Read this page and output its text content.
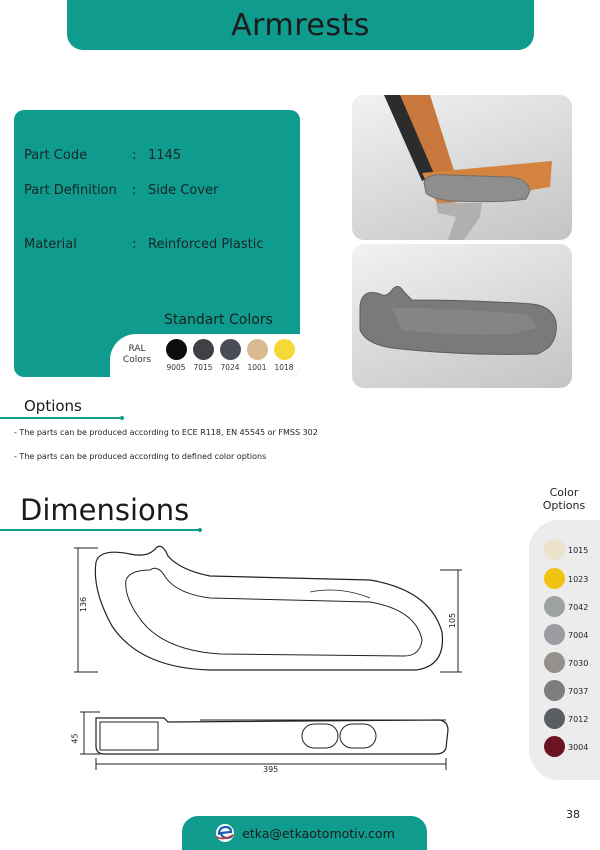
Armrests
Part Code	: 1145
Part Definition	: Side Cover
Material	: Reinforced Plastic
Standart Colors
RAL
Colors
9005	7015	7024	1001	1018
Options
- The parts can be produced according to ECE R118, EN 45545 or FMSS 302
- The parts can be produced according to defined color options
Dimensions
136
105
45
395
Color
Options
1015
1023
7042
7004
7030
7037
7012
3004
38
etka@etkaotomotiv.com
